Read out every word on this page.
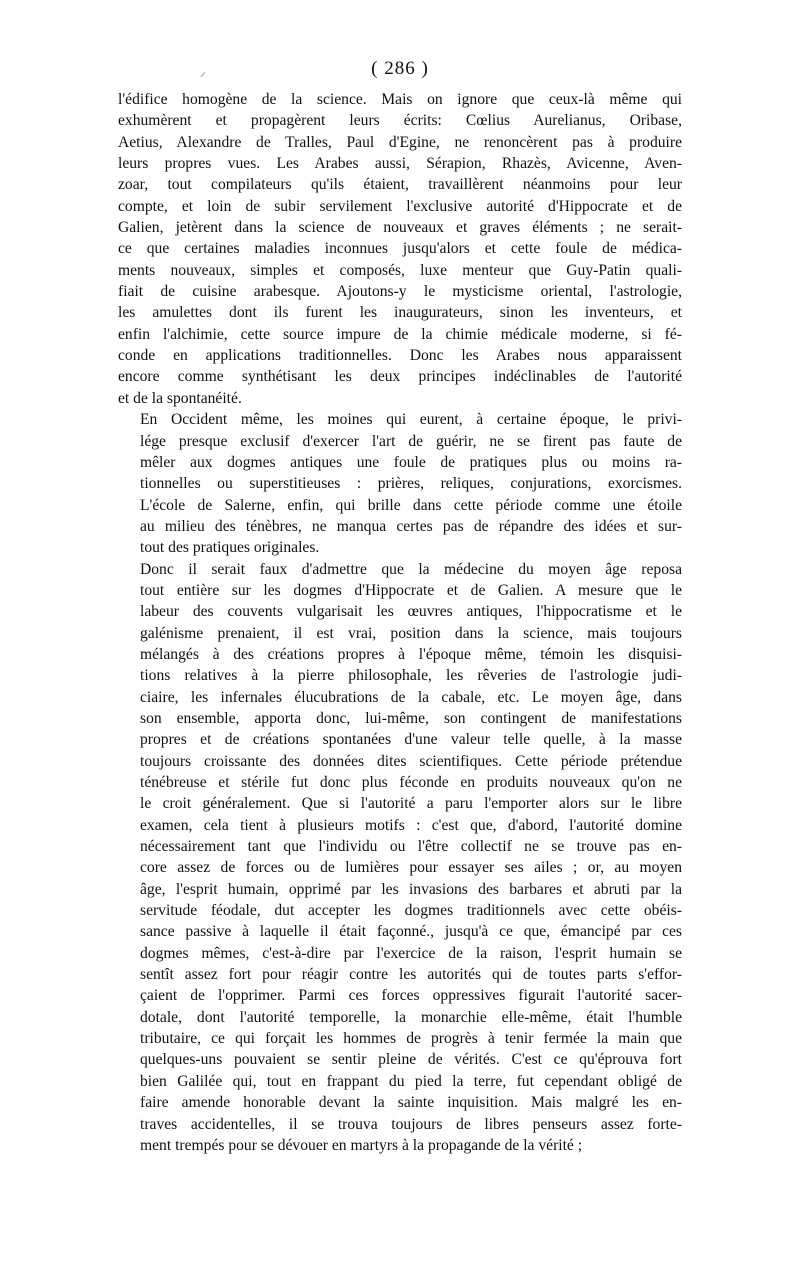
( 286 )

l'édifice homogène de la science. Mais on ignore que ceux-là même qui
exhumèrent et propagèrent leurs écrits: Cœlius Aurelianus, Oribase,
Aetius, Alexandre de Tralles, Paul d'Egine, ne renoncèrent pas à produire
leurs propres vues. Les Arabes aussi, Sérapion, Rhazès, Avicenne, Aven-
zoar, tout compilateurs qu'ils étaient, travaillèrent néanmoins pour leur
compte, et loin de subir servilement l'exclusive autorité d'Hippocrate et de
Galien, jetèrent dans la science de nouveaux et graves éléments ; ne serait-
ce que certaines maladies inconnues jusqu'alors et cette foule de médica-
ments nouveaux, simples et composés, luxe menteur que Guy-Patin quali-
fiait de cuisine arabesque. Ajoutons-y le mysticisme oriental, l'astrologie,
les amulettes dont ils furent les inaugurateurs, sinon les inventeurs, et
enfin l'alchimie, cette source impure de la chimie médicale moderne, si fé-
conde en applications traditionnelles. Donc les Arabes nous apparaissent
encore comme synthétisant les deux principes indéclinables de l'autorité
et de la spontanéité.

En Occident même, les moines qui eurent, à certaine époque, le privi-
lége presque exclusif d'exercer l'art de guérir, ne se firent pas faute de
mêler aux dogmes antiques une foule de pratiques plus ou moins ra-
tionnelles ou superstitieuses : prières, reliques, conjurations, exorcismes.
L'école de Salerne, enfin, qui brille dans cette période comme une étoile
au milieu des ténèbres, ne manqua certes pas de répandre des idées et sur-
tout des pratiques originales.

Donc il serait faux d'admettre que la médecine du moyen âge reposa
tout entière sur les dogmes d'Hippocrate et de Galien. A mesure que le
labeur des couvents vulgarisait les œuvres antiques, l'hippocratisme et le
galénisme prenaient, il est vrai, position dans la science, mais toujours
mélangés à des créations propres à l'époque même, témoin les disquisi-
tions relatives à la pierre philosophale, les rêveries de l'astrologie judi-
ciaire, les infernales élucubrations de la cabale, etc. Le moyen âge, dans
son ensemble, apporta donc, lui-même, son contingent de manifestations
propres et de créations spontanées d'une valeur telle quelle, à la masse
toujours croissante des données dites scientifiques. Cette période prétendue
ténébreuse et stérile fut donc plus féconde en produits nouveaux qu'on ne
le croit généralement. Que si l'autorité a paru l'emporter alors sur le libre
examen, cela tient à plusieurs motifs : c'est que, d'abord, l'autorité domine
nécessairement tant que l'individu ou l'être collectif ne se trouve pas en-
core assez de forces ou de lumières pour essayer ses ailes ; or, au moyen
âge, l'esprit humain, opprimé par les invasions des barbares et abruti par la
servitude féodale, dut accepter les dogmes traditionnels avec cette obéis-
sance passive à laquelle il était façonné., jusqu'à ce que, émancipé par ces
dogmes mêmes, c'est-à-dire par l'exercice de la raison, l'esprit humain se
sentît assez fort pour réagir contre les autorités qui de toutes parts s'effor-
çaient de l'opprimer. Parmi ces forces oppressives figurait l'autorité sacer-
dotale, dont l'autorité temporelle, la monarchie elle-même, était l'humble
tributaire, ce qui forçait les hommes de progrès à tenir fermée la main que
quelques-uns pouvaient se sentir pleine de vérités. C'est ce qu'éprouva fort
bien Galilée qui, tout en frappant du pied la terre, fut cependant obligé de
faire amende honorable devant la sainte inquisition. Mais malgré les en-
traves accidentelles, il se trouva toujours de libres penseurs assez forte-
ment trempés pour se dévouer en martyrs à la propagande de la vérité ;
